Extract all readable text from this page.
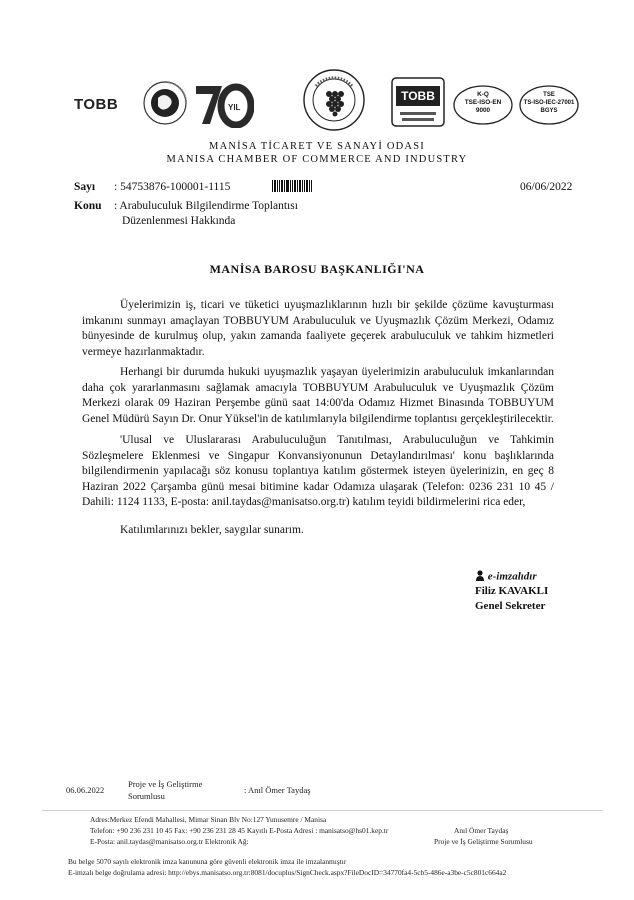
TOBB	YIL
TOBB	K-Q
TSE-ISO-EN
9000
TSE
TS-ISO-IEC-27001
BGYS
MANİSA TİCARET VE SANAYİ ODASI
MANISA CHAMBER OF COMMERCE AND INDUSTRY
Sayı : 54753876-100001-1115	06/06/2022
Konu : Arabuluculuk Bilgilendirme Toplantısı
Düzenlenmesi Hakkında
MANİSA BAROSU BAŞKANLIĞI'NA

Üyelerimizin iş, ticari ve tüketici uyuşmazlıklarının hızlı bir şekilde çözüme kavuşturması imkanını sunmayı amaçlayan TOBBUYUM Arabuluculuk ve Uyuşmazlık Çözüm Merkezi, Odamız bünyesinde de kurulmuş olup, yakın zamanda faaliyete geçerek arabuluculuk ve tahkim hizmetleri vermeye hazırlanmaktadır.

Herhangi bir durumda hukuki uyuşmazlık yaşayan üyelerimizin arabuluculuk imkanlarından daha çok yararlanmasını sağlamak amacıyla TOBBUYUM Arabuluculuk ve Uyuşmazlık Çözüm Merkezi olarak 09 Haziran Perşembe günü saat 14:00'da Odamız Hizmet Binasında TOBBUYUM Genel Müdürü Sayın Dr. Onur Yüksel'in de katılımlarıyla bilgilendirme toplantısı gerçekleştirilecektir.

'Ulusal ve Uluslararası Arabuluculuğun Tanıtılması, Arabuluculuğun ve Tahkimin Sözleşmelere Eklenmesi ve Singapur Konvansiyonunun Detaylandırılması' konu başlıklarında bilgilendirmenin yapılacağı söz konusu toplantıya katılım göstermek isteyen üyelerinizin, en geç 8 Haziran 2022 Çarşamba günü mesai bitimine kadar Odamıza ulaşarak (Telefon: 0236 231 10 45 / Dahili: 1124 1133, E-posta: anil.taydas@manisatso.org.tr) katılım teyidi bildirmelerini rica eder,

Katılımlarınızı bekler, saygılar sunarım.

e-imzalıdır
Filiz KAVAKLI
Genel Sekreter
06.06.2022
Proje ve İş Geliştirme
Sorumlusu
: Anıl Ömer Taydaş
Adres:Merkez Efendi Mahallesi, Mimar Sinan Blv No:127 Yunusemre / Manisa
Telefon: +90 236 231 10 45 Fax: +90 236 231 28 45 Kayıtlı E-Posta Adresi : manisatso@hs01.kep.tr
E-Posta: anil.taydas@manisatso.org.tr Elektronik Ağ:
Anıl Ömer Taydaş
Proje ve İş Geliştirme Sorumlusu
Bu belge 5070 sayılı elektronik imza kanununa göre güvenli elektronik imza ile imzalanmıştır
E-imzalı belge doğrulama adresi: http://ebys.manisatso.org.tr:8081/docuplus/SignCheck.aspx?FileDocID=34770fa4-5cb5-486e-a3be-c5c801c664a2
